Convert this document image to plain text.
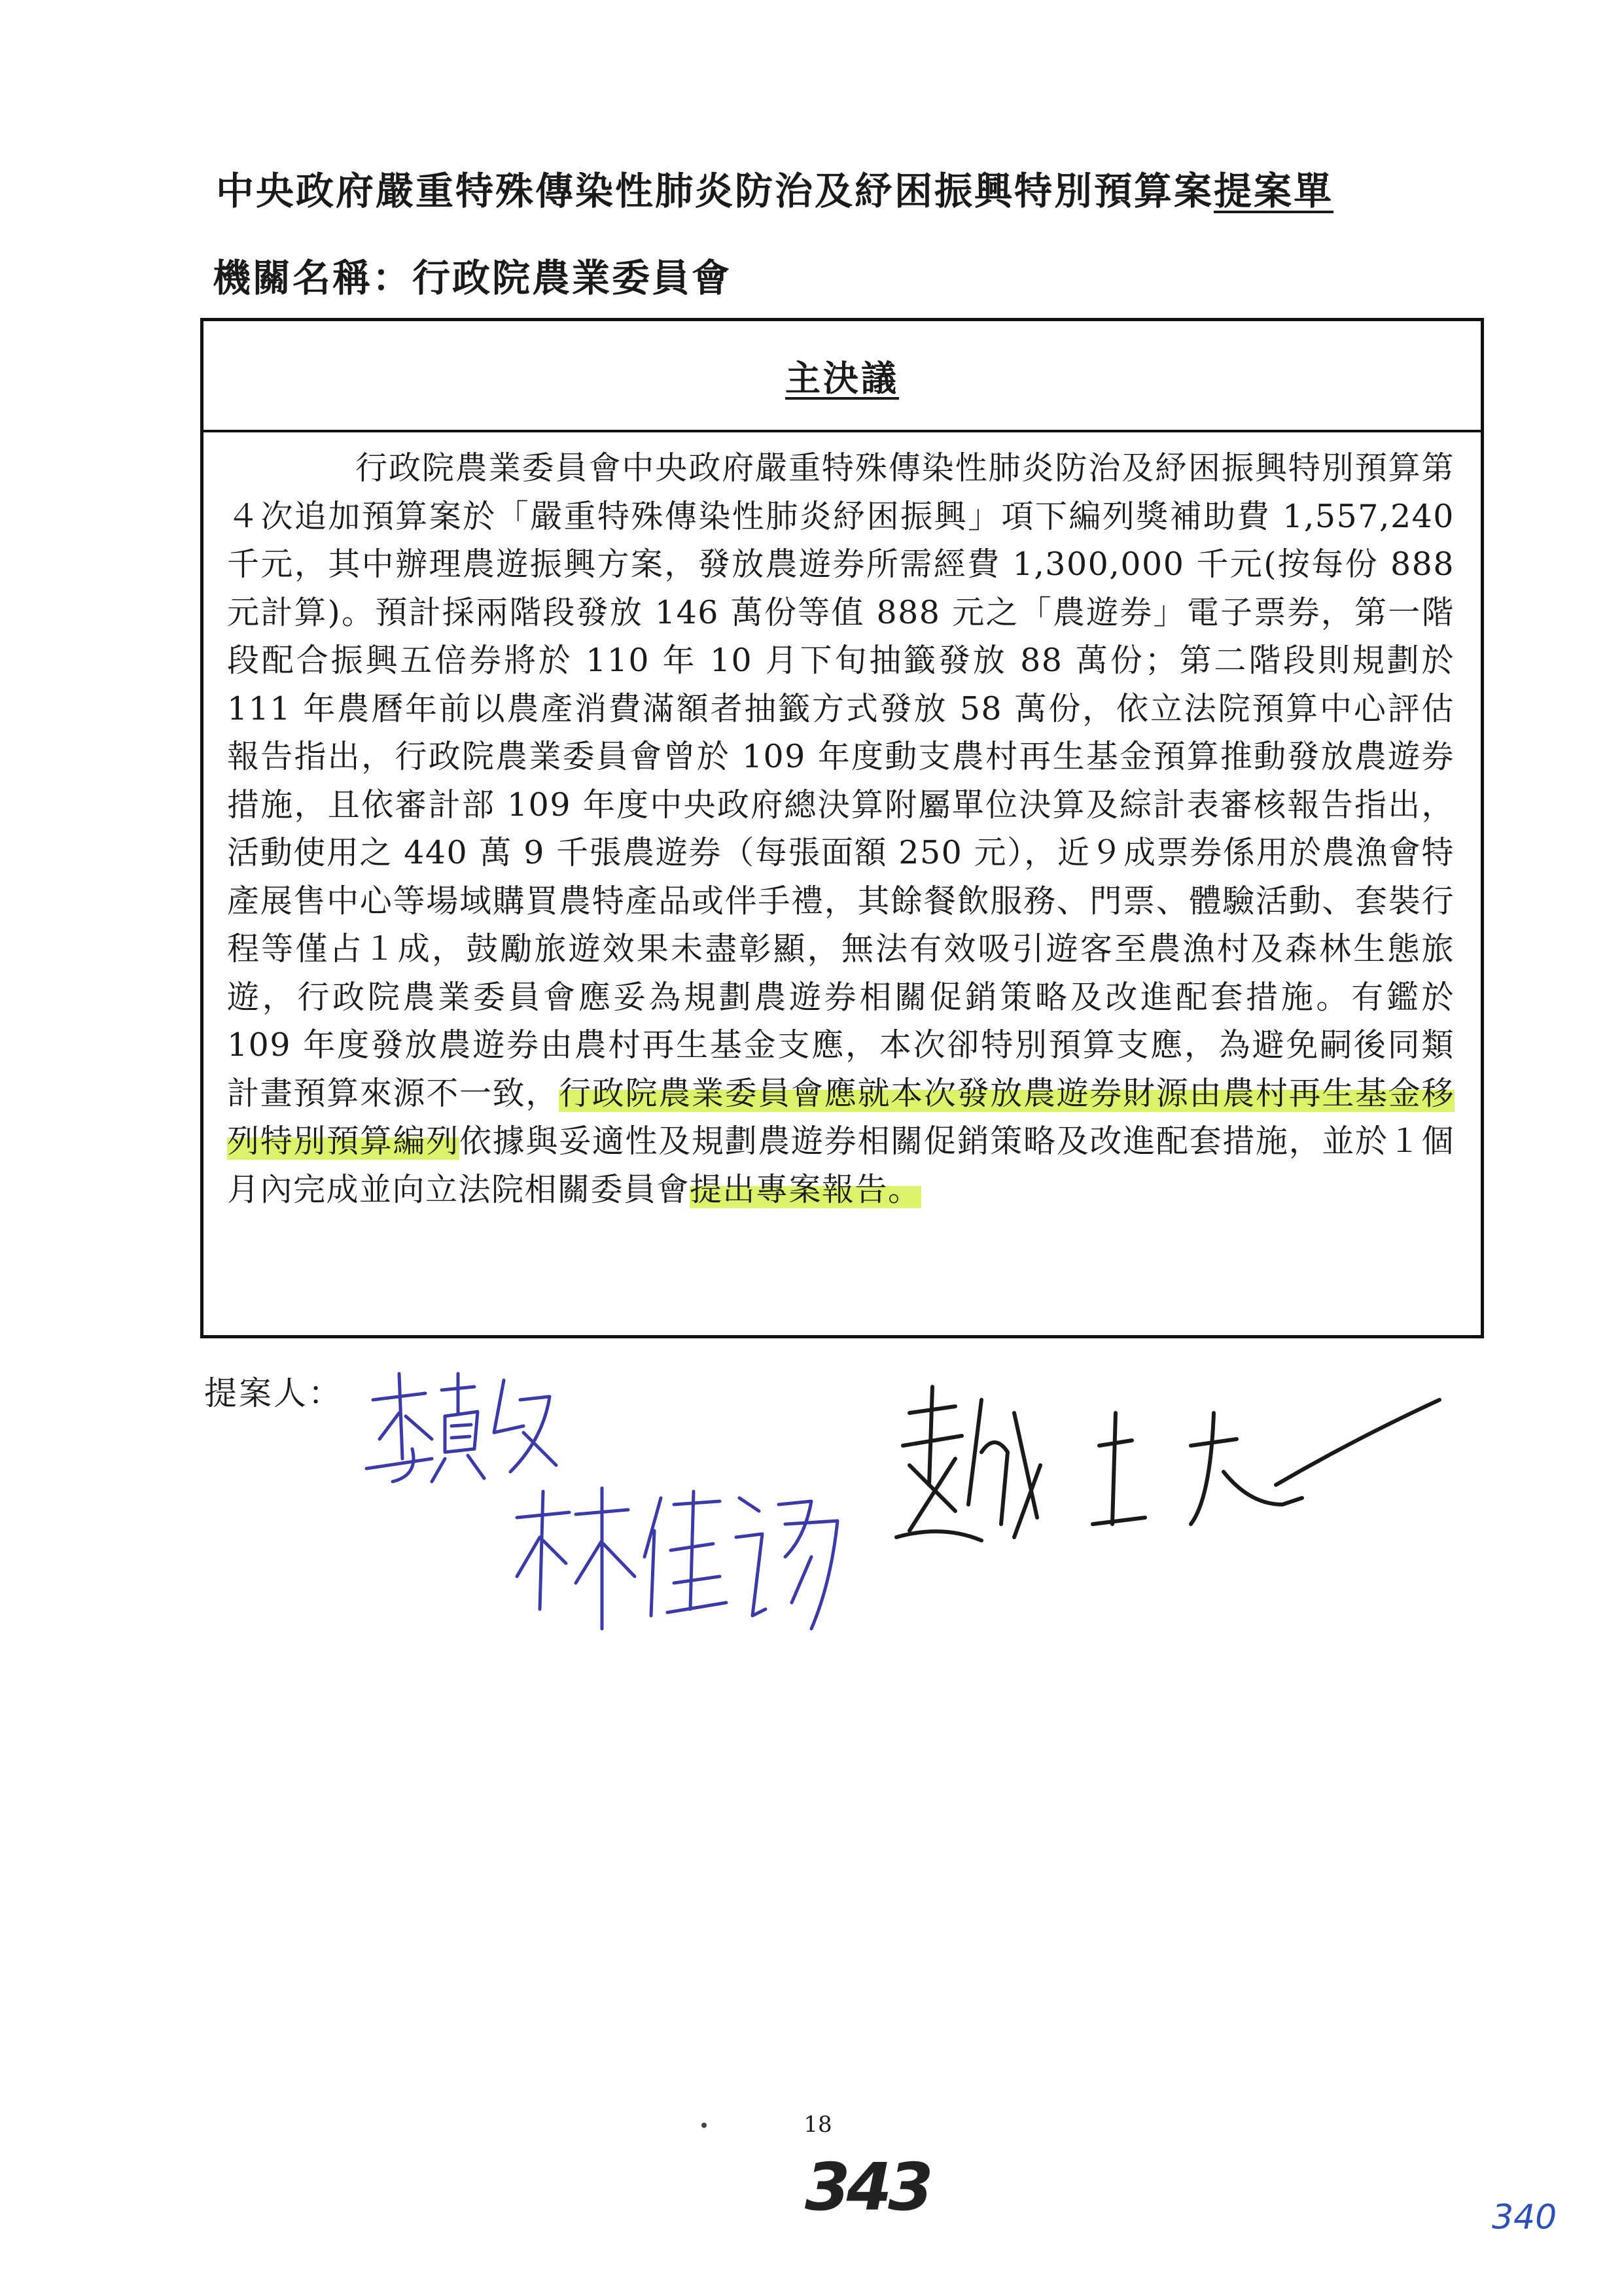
中央政府嚴重特殊傳染性肺炎防治及紓困振興特別預算案提案單
機關名稱：行政院農業委員會
主決議
行政院農業委員會中央政府嚴重特殊傳染性肺炎防治及紓困振興特別預算第４次追加預算案於「嚴重特殊傳染性肺炎紓困振興」項下編列獎補助費 1,557,240 千元，其中辦理農遊振興方案，發放農遊券所需經費 1,300,000 千元(按每份 888 元計算)。預計採兩階段發放 146 萬份等值 888 元之「農遊券」電子票券，第一階段配合振興五倍券將於 110 年 10 月下旬抽籤發放 88 萬份；第二階段則規劃於 111 年農曆年前以農產消費滿額者抽籤方式發放 58 萬份，依立法院預算中心評估報告指出，行政院農業委員會曾於 109 年度動支農村再生基金預算推動發放農遊券措施，且依審計部 109 年度中央政府總決算附屬單位決算及綜計表審核報告指出，活動使用之 440 萬 9 千張農遊券（每張面額 250 元），近９成票券係用於農漁會特產展售中心等場域購買農特產品或伴手禮，其餘餐飲服務、門票、體驗活動、套裝行程等僅占１成，鼓勵旅遊效果未盡彰顯，無法有效吸引遊客至農漁村及森林生態旅遊，行政院農業委員會應妥為規劃農遊券相關促銷策略及改進配套措施。有鑑於 109 年度發放農遊券由農村再生基金支應，本次卻特別預算支應，為避免嗣後同類計畫預算來源不一致，行政院農業委員會應就本次發放農遊券財源由農村再生基金移列特別預算編列依據與妥適性及規劃農遊券相關促銷策略及改進配套措施，並於１個月內完成並向立法院相關委員會提出專案報告。
提案人：
18
343	340
